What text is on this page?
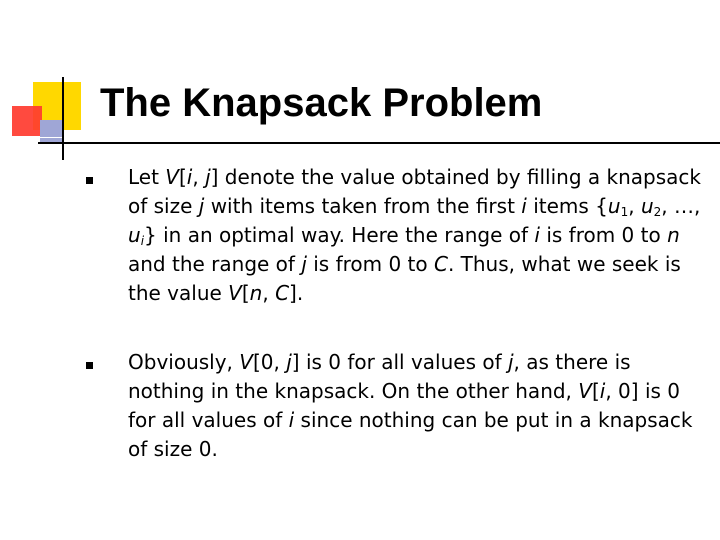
The Knapsack Problem

Let V[i, j] denote the value obtained by filling a knapsack of size j with items taken from the first i items {$u_1$, $u_2$, …, $u_i$} in an optimal way. Here the range of i is from 0 to n and the range of j is from 0 to C. Thus, what we seek is the value V[n, C].

Obviously, V[0, j] is 0 for all values of j, as there is nothing in the knapsack. On the other hand, V[i, 0] is 0 for all values of i since nothing can be put in a knapsack of size 0.
